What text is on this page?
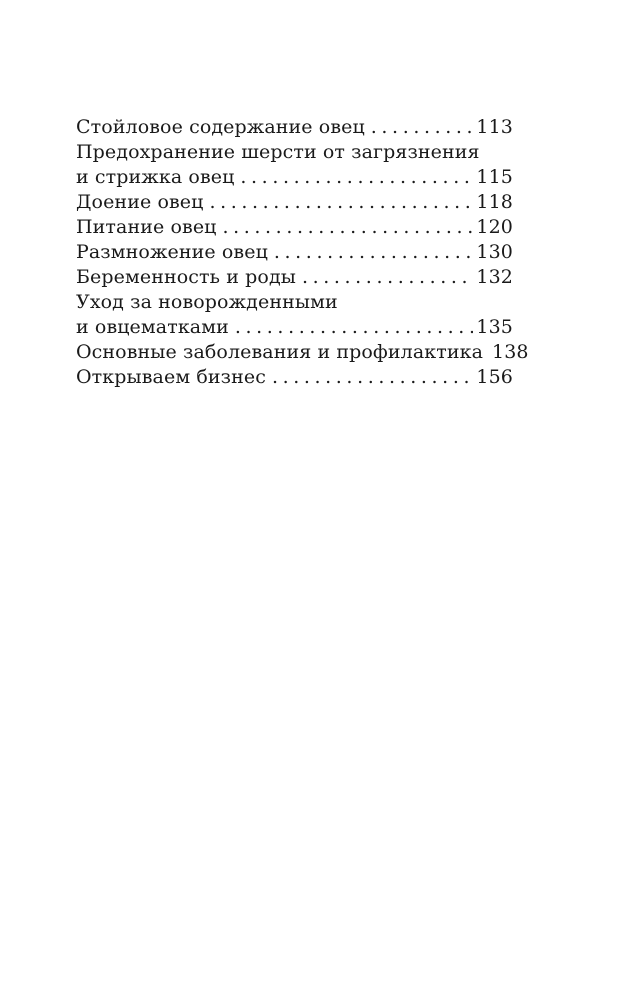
Стойловое содержание овец .....	113
Предохранение шерсти от загрязнения
и стрижка овец .....	115
Доение овец .....	118
Питание овец .....	120
Размножение овец .....	130
Беременность и роды .....	132
Уход за новорожденными
и овцематками .....	135
Основные заболевания и профилактика 138
Открываем бизнес .....	156
